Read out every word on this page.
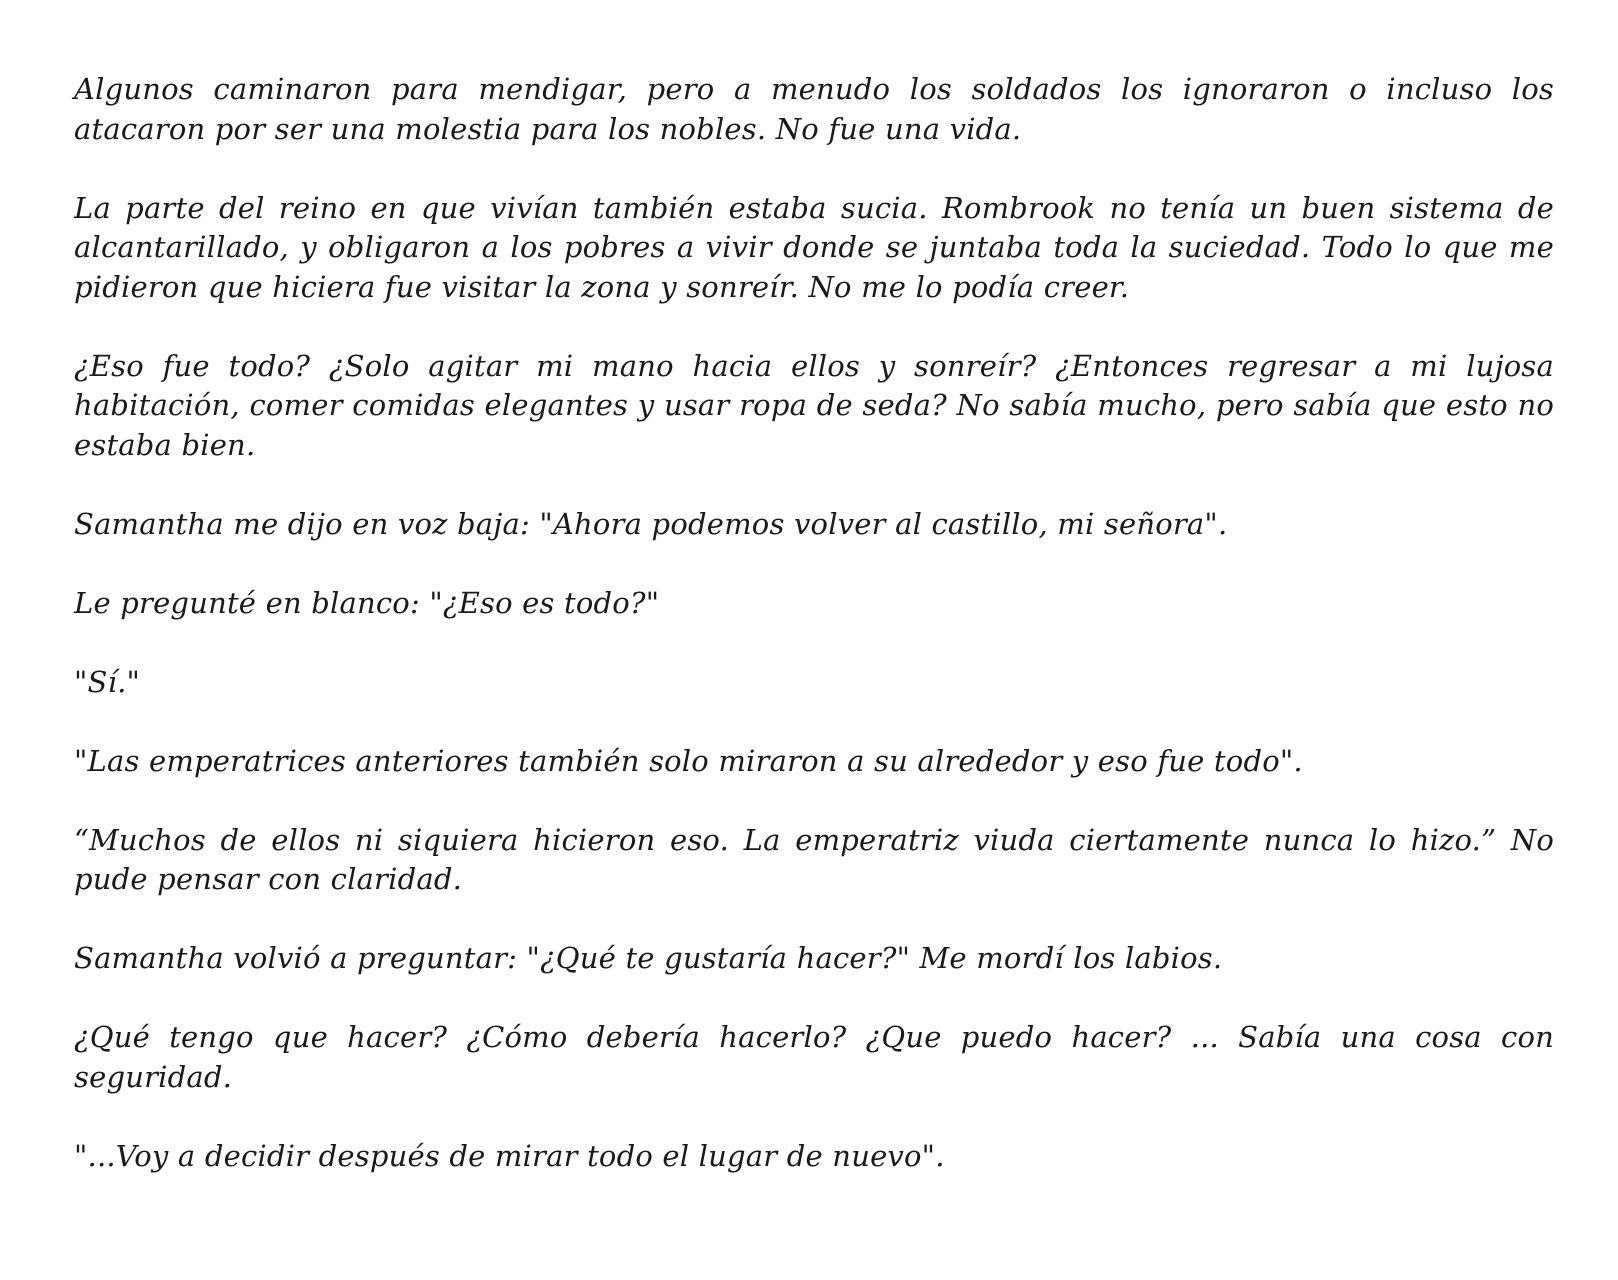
Algunos caminaron para mendigar, pero a menudo los soldados los ignoraron o incluso los atacaron por ser una molestia para los nobles. No fue una vida.

La parte del reino en que vivían también estaba sucia. Rombrook no tenía un buen sistema de alcantarillado, y obligaron a los pobres a vivir donde se juntaba toda la suciedad. Todo lo que me pidieron que hiciera fue visitar la zona y sonreír. No me lo podía creer.

¿Eso fue todo? ¿Solo agitar mi mano hacia ellos y sonreír? ¿Entonces regresar a mi lujosa habitación, comer comidas elegantes y usar ropa de seda? No sabía mucho, pero sabía que esto no estaba bien.

Samantha me dijo en voz baja: "Ahora podemos volver al castillo, mi señora".

Le pregunté en blanco: "¿Eso es todo?"

"Sí."

"Las emperatrices anteriores también solo miraron a su alrededor y eso fue todo".

“Muchos de ellos ni siquiera hicieron eso. La emperatriz viuda ciertamente nunca lo hizo.” No pude pensar con claridad.

Samantha volvió a preguntar: "¿Qué te gustaría hacer?" Me mordí los labios.

¿Qué tengo que hacer? ¿Cómo debería hacerlo? ¿Que puedo hacer? ... Sabía una cosa con seguridad.

"...Voy a decidir después de mirar todo el lugar de nuevo".
